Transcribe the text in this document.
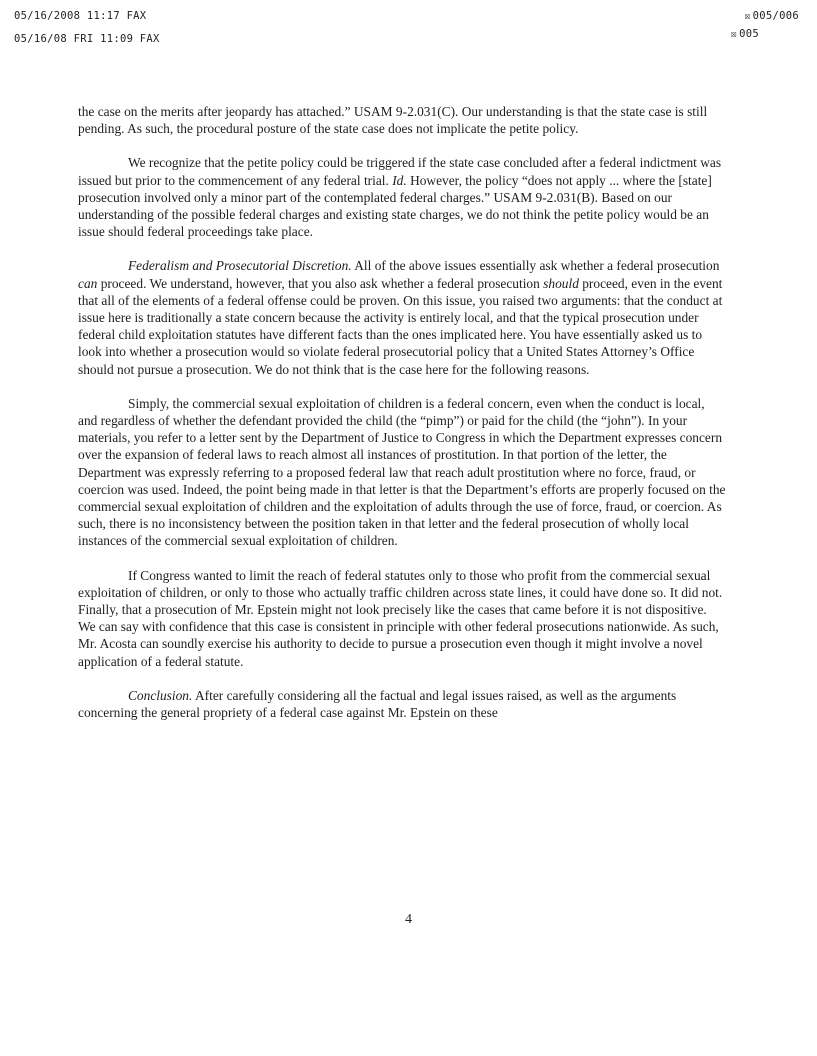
05/16/2008 11:17 FAX	☒ 005/006
05/16/08 FRI 11:09 FAX	☒ 005

the case on the merits after jeopardy has attached.” USAM 9-2.031(C). Our understanding is that the state case is still pending. As such, the procedural posture of the state case does not implicate the petite policy.

We recognize that the petite policy could be triggered if the state case concluded after a federal indictment was issued but prior to the commencement of any federal trial. Id. However, the policy “does not apply ... where the [state] prosecution involved only a minor part of the contemplated federal charges.” USAM 9-2.031(B). Based on our understanding of the possible federal charges and existing state charges, we do not think the petite policy would be an issue should federal proceedings take place.

Federalism and Prosecutorial Discretion. All of the above issues essentially ask whether a federal prosecution can proceed. We understand, however, that you also ask whether a federal prosecution should proceed, even in the event that all of the elements of a federal offense could be proven. On this issue, you raised two arguments: that the conduct at issue here is traditionally a state concern because the activity is entirely local, and that the typical prosecution under federal child exploitation statutes have different facts than the ones implicated here. You have essentially asked us to look into whether a prosecution would so violate federal prosecutorial policy that a United States Attorney’s Office should not pursue a prosecution. We do not think that is the case here for the following reasons.

Simply, the commercial sexual exploitation of children is a federal concern, even when the conduct is local, and regardless of whether the defendant provided the child (the “pimp”) or paid for the child (the “john”). In your materials, you refer to a letter sent by the Department of Justice to Congress in which the Department expresses concern over the expansion of federal laws to reach almost all instances of prostitution. In that portion of the letter, the Department was expressly referring to a proposed federal law that reach adult prostitution where no force, fraud, or coercion was used. Indeed, the point being made in that letter is that the Department’s efforts are properly focused on the commercial sexual exploitation of children and the exploitation of adults through the use of force, fraud, or coercion. As such, there is no inconsistency between the position taken in that letter and the federal prosecution of wholly local instances of the commercial sexual exploitation of children.

If Congress wanted to limit the reach of federal statutes only to those who profit from the commercial sexual exploitation of children, or only to those who actually traffic children across state lines, it could have done so. It did not. Finally, that a prosecution of Mr. Epstein might not look precisely like the cases that came before it is not dispositive. We can say with confidence that this case is consistent in principle with other federal prosecutions nationwide. As such, Mr. Acosta can soundly exercise his authority to decide to pursue a prosecution even though it might involve a novel application of a federal statute.

Conclusion. After carefully considering all the factual and legal issues raised, as well as the arguments concerning the general propriety of a federal case against Mr. Epstein on these

4
